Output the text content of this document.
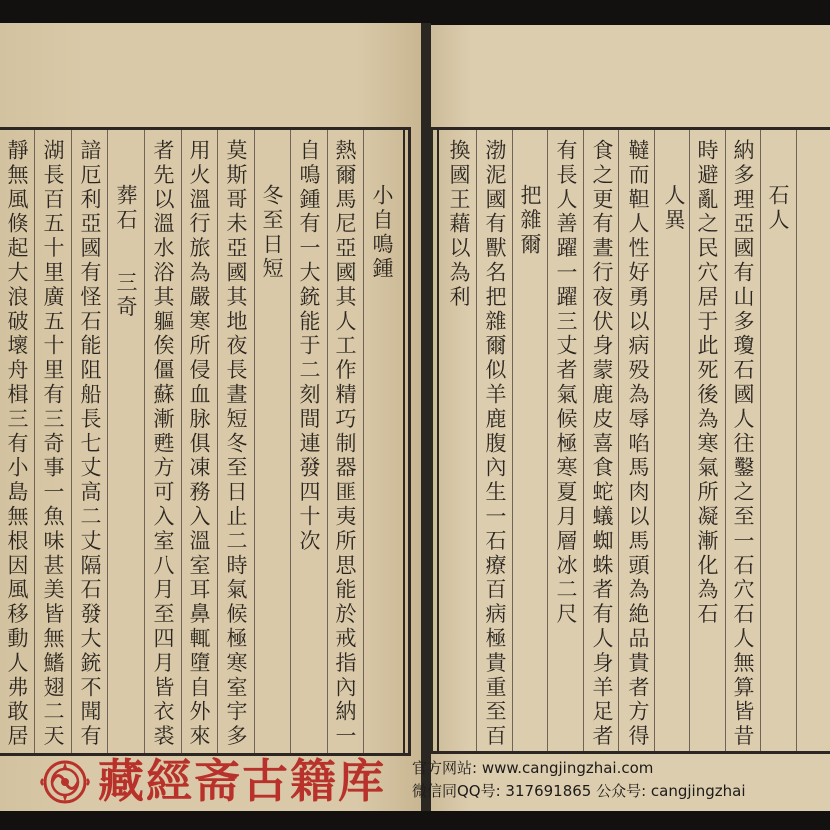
小自鳴鍾
熱爾馬尼亞國其人工作精巧制器匪夷所思能於戒指內納一
自鳴鍾有一大銃能于二刻間連發四十次
冬至日短
莫斯哥未亞國其地夜長晝短冬至日止二時氣候極寒室宇多
用火溫行旅為嚴寒所侵血脉俱凍務入溫室耳鼻輒墮自外來
者先以溫水浴其軀俟僵蘇漸甦方可入室八月至四月皆衣裘
葬石
三奇
諳厄利亞國有怪石能阻船長七丈高二丈隔石發大銃不聞有
湖長百五十里廣五十里有三奇事一魚味甚美皆無鰭翅二天
靜無風倏起大浪破壞舟楫三有小島無根因風移動人弗敢居	石人
納多理亞國有山多瓊石國人往鑿之至一石穴石人無算皆昔
時避亂之民穴居于此死後為寒氣所凝漸化為石
人異
韃而靼人性好勇以病殁為辱啗馬肉以馬頭為絶品貴者方得
食之更有晝行夜伏身蒙鹿皮喜食蛇蟻蜘蛛者有人身羊足者
有長人善躍一躍三丈者氣候極寒夏月層冰二尺
把雜爾
渤泥國有獸名把雜爾似羊鹿腹內生一石療百病極貴重至百
換國王藉以為利
藏經斋古籍库 官方网站: www.cangjingzhai.com
微信同QQ号: 317691865 公众号: cangjingzhai
